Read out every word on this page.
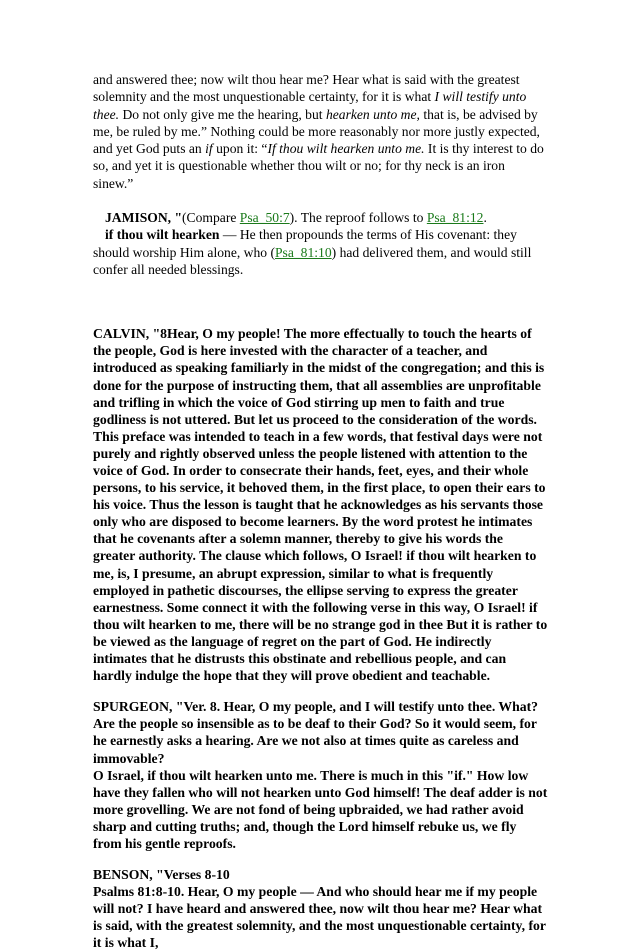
and answered thee; now wilt thou hear me? Hear what is said with the greatest solemnity and the most unquestionable certainty, for it is what I will testify unto thee. Do not only give me the hearing, but hearken unto me, that is, be advised by me, be ruled by me.” Nothing could be more reasonably nor more justly expected, and yet God puts an if upon it: “If thou wilt hearken unto me. It is thy interest to do so, and yet it is questionable whether thou wilt or no; for thy neck is an iron sinew.”

JAMISON, "(Compare Psa_50:7). The reproof follows to Psa_81:12.

if thou wilt hearken — He then propounds the terms of His covenant: they should worship Him alone, who (Psa_81:10) had delivered them, and would still confer all needed blessings.

CALVIN, "8Hear, O my people! The more effectually to touch the hearts of the people, God is here invested with the character of a teacher, and introduced as speaking familiarly in the midst of the congregation; and this is done for the purpose of instructing them, that all assemblies are unprofitable and trifling in which the voice of God stirring up men to faith and true godliness is not uttered. But let us proceed to the consideration of the words. This preface was intended to teach in a few words, that festival days were not purely and rightly observed unless the people listened with attention to the voice of God. In order to consecrate their hands, feet, eyes, and their whole persons, to his service, it behoved them, in the first place, to open their ears to his voice. Thus the lesson is taught that he acknowledges as his servants those only who are disposed to become learners. By the word protest he intimates that he covenants after a solemn manner, thereby to give his words the greater authority. The clause which follows, O Israel! if thou wilt hearken to me, is, I presume, an abrupt expression, similar to what is frequently employed in pathetic discourses, the ellipse serving to express the greater earnestness. Some connect it with the following verse in this way, O Israel! if thou wilt hearken to me, there will be no strange god in thee But it is rather to be viewed as the language of regret on the part of God. He indirectly intimates that he distrusts this obstinate and rebellious people, and can hardly indulge the hope that they will prove obedient and teachable.

SPURGEON, "Ver. 8. Hear, O my people, and I will testify unto thee. What? Are the people so insensible as to be deaf to their God? So it would seem, for he earnestly asks a hearing. Are we not also at times quite as careless and immovable?

O Israel, if thou wilt hearken unto me. There is much in this "if." How low have they fallen who will not hearken unto God himself! The deaf adder is not more grovelling. We are not fond of being upbraided, we had rather avoid sharp and cutting truths; and, though the Lord himself rebuke us, we fly from his gentle reproofs.

BENSON, "Verses 8-10

Psalms 81:8-10. Hear, O my people — And who should hear me if my people will not? I have heard and answered thee, now wilt thou hear me? Hear what is said, with the greatest solemnity, and the most unquestionable certainty, for it is what I,
